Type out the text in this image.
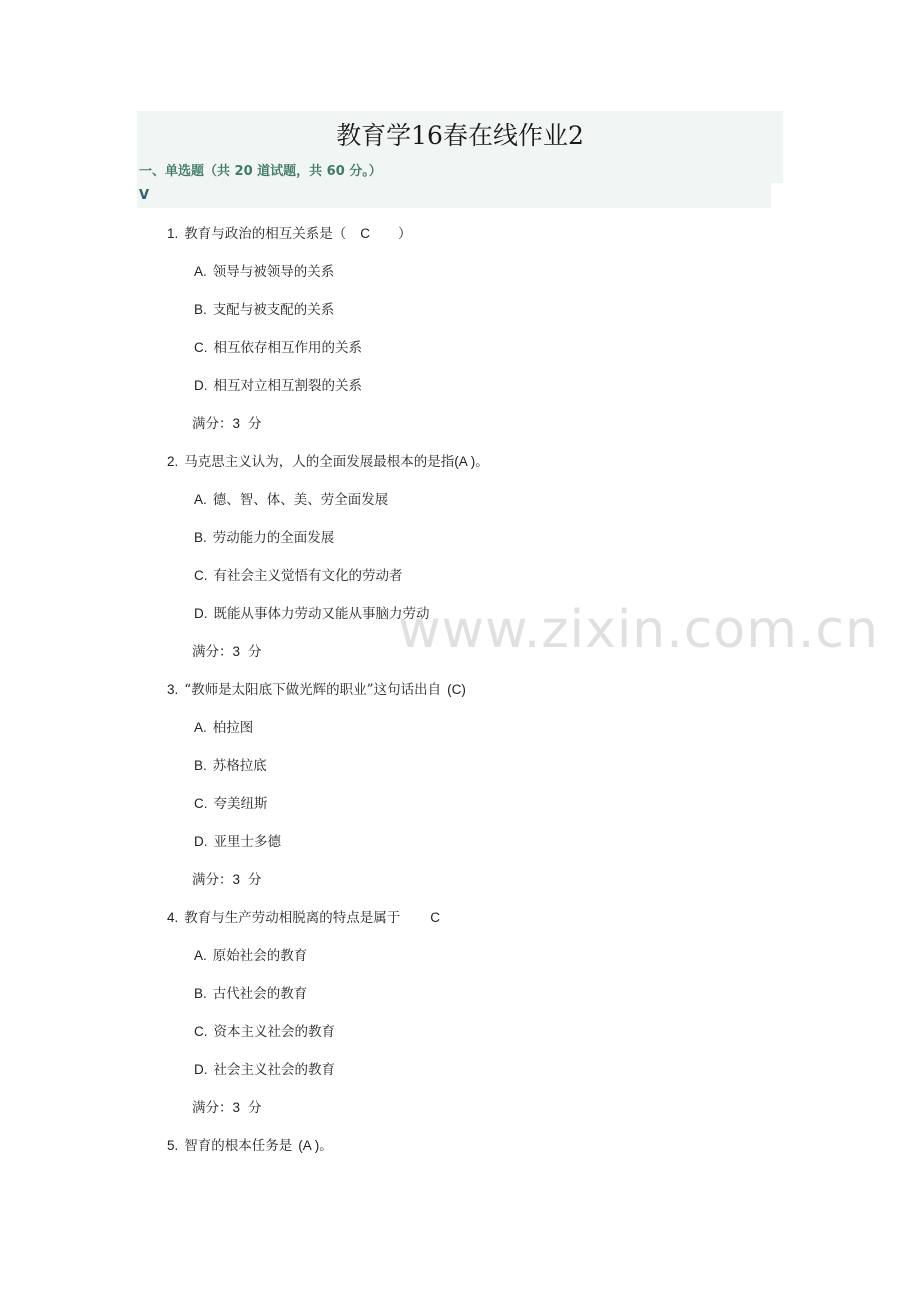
教育学16春在线作业2
一、单选题（共 20 道试题，共 60 分。）
V
1. 教育与政治的相互关系是（ C ）
A. 领导与被领导的关系
B. 支配与被支配的关系
C. 相互依存相互作用的关系
D. 相互对立相互割裂的关系
满分：3 分
2. 马克思主义认为，人的全面发展最根本的是指(A )。
A. 德、智、体、美、劳全面发展
B. 劳动能力的全面发展
C. 有社会主义觉悟有文化的劳动者
D. 既能从事体力劳动又能从事脑力劳动
满分：3 分
3. “教师是太阳底下做光辉的职业”这句话出自 (C)
A. 柏拉图
B. 苏格拉底
C. 夸美纽斯
D. 亚里士多德
满分：3 分
4. 教育与生产劳动相脱离的特点是属于 C
A. 原始社会的教育
B. 古代社会的教育
C. 资本主义社会的教育
D. 社会主义社会的教育
满分：3 分
5. 智育的根本任务是 (A )。
www.zixin.com.cn
